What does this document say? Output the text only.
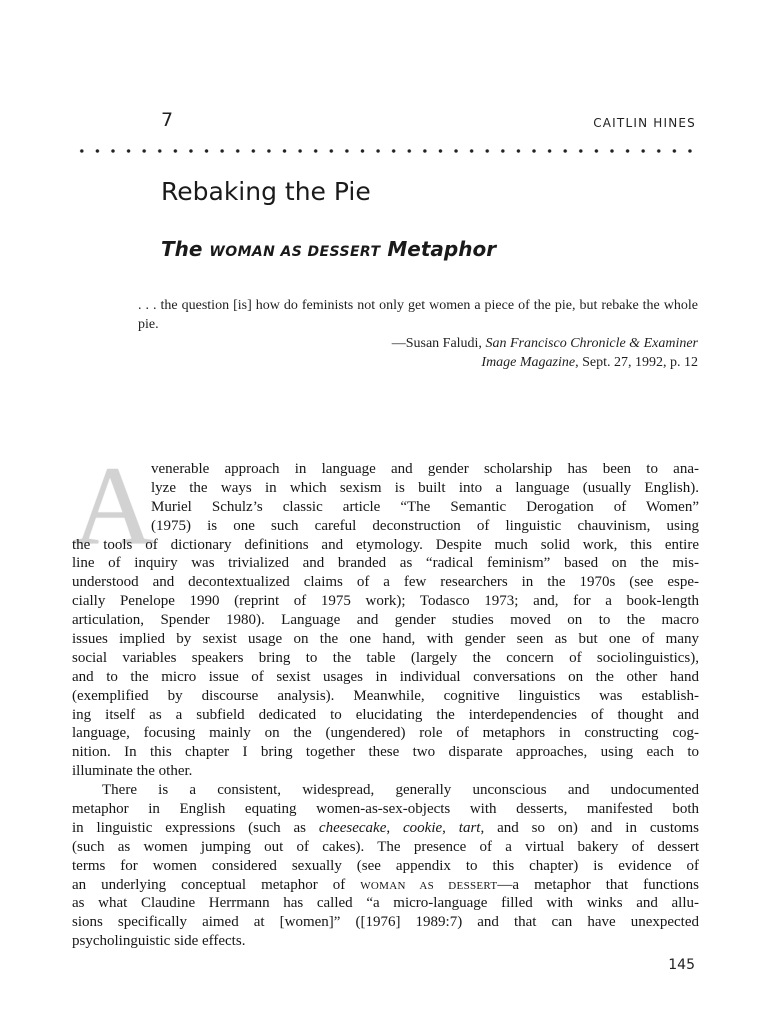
7	CAITLIN HINES
Rebaking the Pie
The WOMAN AS DESSERT Metaphor

. . . the question [is] how do feminists not only get women a piece of the pie, but rebake the whole pie.

—Susan Faludi, San Francisco Chronicle & Examiner
Image Magazine, Sept. 27, 1992, p. 12

A
venerable approach in language and gender scholarship has been to ana-
lyze the ways in which sexism is built into a language (usually English).
Muriel Schulz’s classic article “The Semantic Derogation of Women”
(1975) is one such careful deconstruction of linguistic chauvinism, using
the tools of dictionary definitions and etymology. Despite much solid work, this entire
line of inquiry was trivialized and branded as “radical feminism” based on the mis-
understood and decontextualized claims of a few researchers in the 1970s (see espe-
cially Penelope 1990 (reprint of 1975 work); Todasco 1973; and, for a book-length
articulation, Spender 1980). Language and gender studies moved on to the macro
issues implied by sexist usage on the one hand, with gender seen as but one of many
social variables speakers bring to the table (largely the concern of sociolinguistics),
and to the micro issue of sexist usages in individual conversations on the other hand
(exemplified by discourse analysis). Meanwhile, cognitive linguistics was establish-
ing itself as a subfield dedicated to elucidating the interdependencies of thought and
language, focusing mainly on the (ungendered) role of metaphors in constructing cog-
nition. In this chapter I bring together these two disparate approaches, using each to
illuminate the other.
There is a consistent, widespread, generally unconscious and undocumented
metaphor in English equating women-as-sex-objects with desserts, manifested both
in linguistic expressions (such as cheesecake, cookie, tart, and so on) and in customs
(such as women jumping out of cakes). The presence of a virtual bakery of dessert
terms for women considered sexually (see appendix to this chapter) is evidence of
an underlying conceptual metaphor of WOMAN AS DESSERT—a metaphor that functions
as what Claudine Herrmann has called “a micro-language filled with winks and allu-
sions specifically aimed at [women]” ([1976] 1989:7) and that can have unexpected
psycholinguistic side effects.
145
